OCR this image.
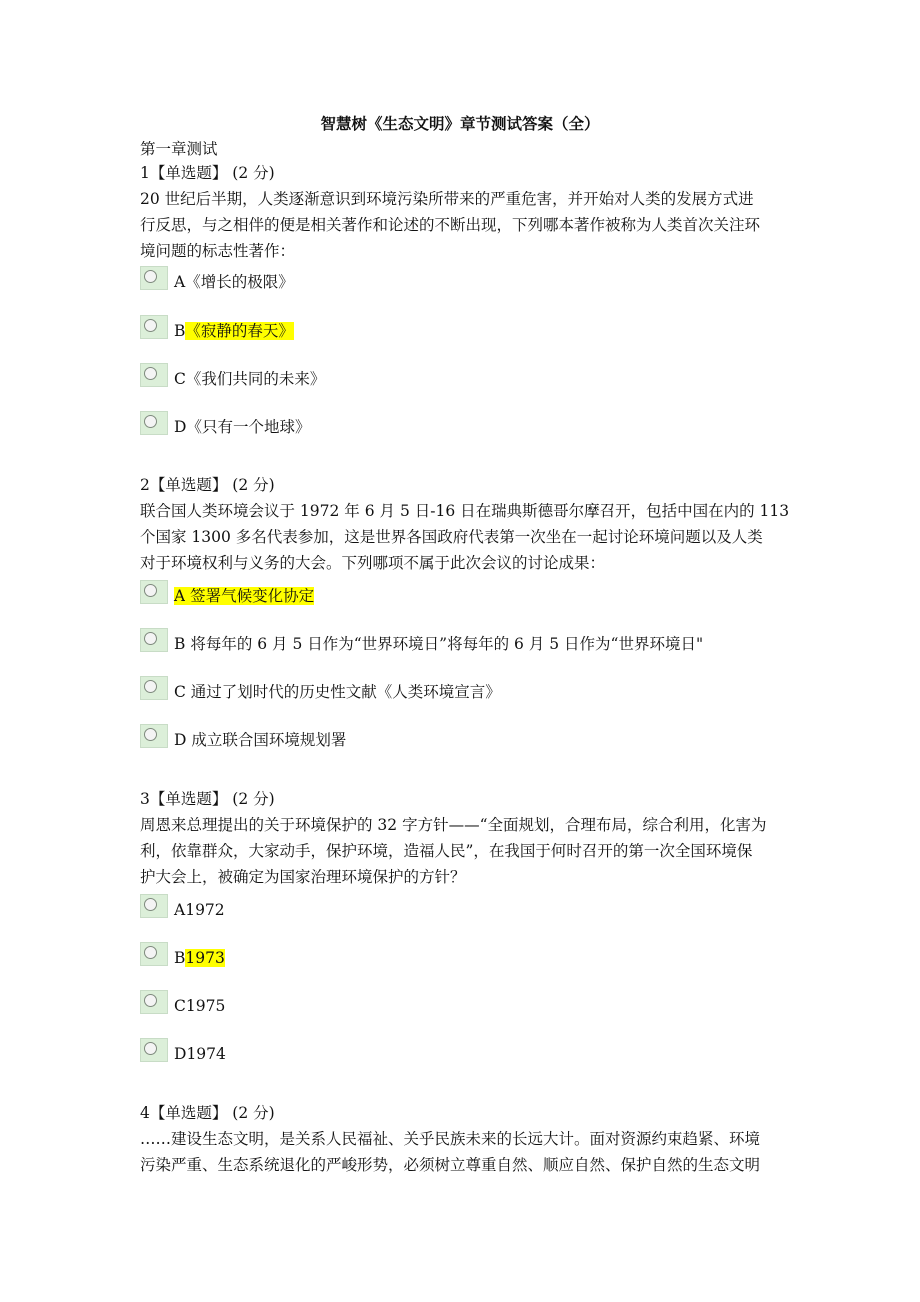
智慧树《生态文明》章节测试答案（全）
第一章测试
1【单选题】 (2 分)
20 世纪后半期，人类逐渐意识到环境污染所带来的严重危害，并开始对人类的发展方式进
行反思，与之相伴的便是相关著作和论述的不断出现，下列哪本著作被称为人类首次关注环
境问题的标志性著作：
A《增长的极限》
B《寂静的春天》
C《我们共同的未来》
D《只有一个地球》
2【单选题】 (2 分)
联合国人类环境会议于 1972 年 6 月 5 日-16 日在瑞典斯德哥尔摩召开，包括中国在内的 113
个国家 1300 多名代表参加，这是世界各国政府代表第一次坐在一起讨论环境问题以及人类
对于环境权利与义务的大会。下列哪项不属于此次会议的讨论成果：
A 签署气候变化协定
B 将每年的 6 月 5 日作为“世界环境日”将每年的 6 月 5 日作为“世界环境日"
C 通过了划时代的历史性文献《人类环境宣言》
D 成立联合国环境规划署
3【单选题】 (2 分)
周恩来总理提出的关于环境保护的 32 字方针——“全面规划，合理布局，综合利用，化害为
利，依靠群众，大家动手，保护环境，造福人民”，在我国于何时召开的第一次全国环境保
护大会上，被确定为国家治理环境保护的方针？
A1972
B1973
C1975
D1974
4【单选题】 (2 分)
……建设生态文明，是关系人民福祉、关乎民族未来的长远大计。面对资源约束趋紧、环境
污染严重、生态系统退化的严峻形势，必须树立尊重自然、顺应自然、保护自然的生态文明
